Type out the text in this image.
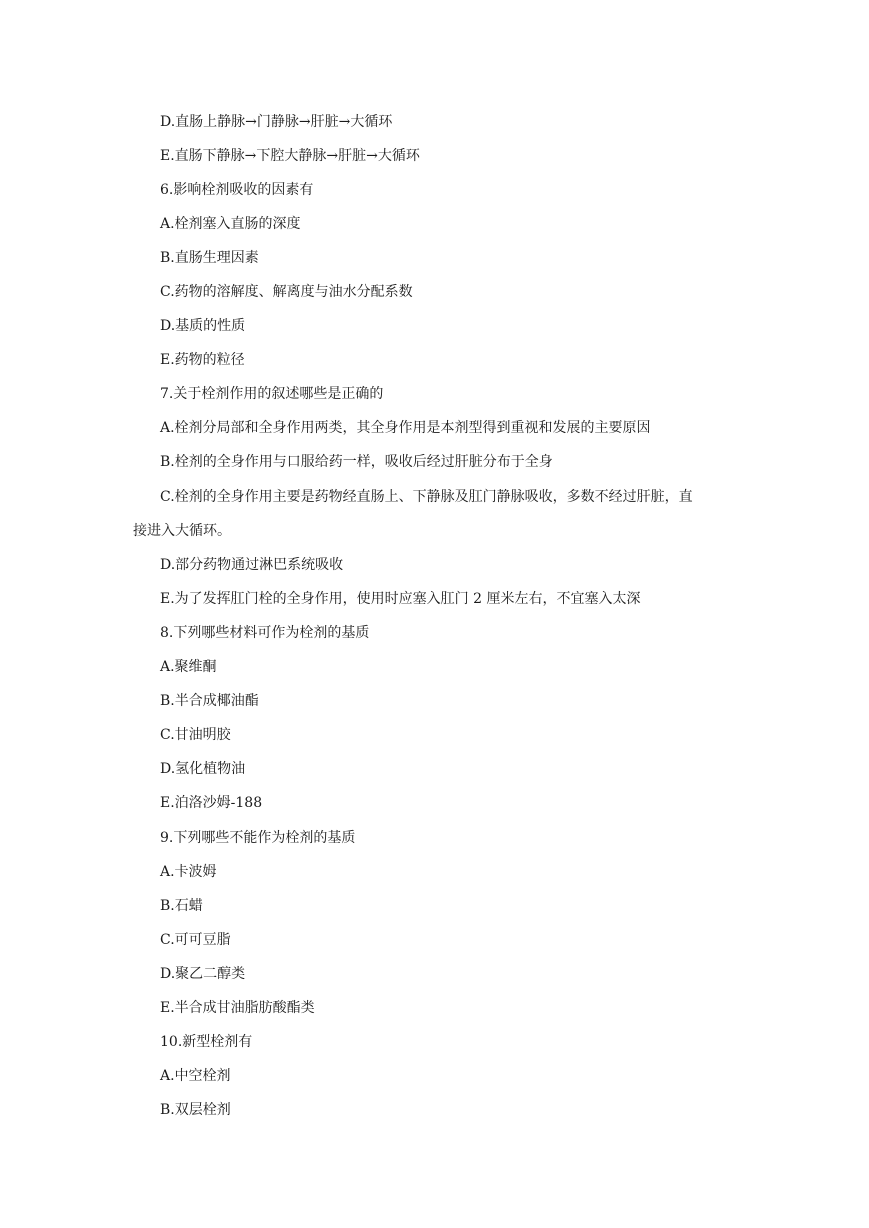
D.直肠上静脉→门静脉→肝脏→大循环
E.直肠下静脉→下腔大静脉→肝脏→大循环
6.影响栓剂吸收的因素有
A.栓剂塞入直肠的深度
B.直肠生理因素
C.药物的溶解度、解离度与油水分配系数
D.基质的性质
E.药物的粒径
7.关于栓剂作用的叙述哪些是正确的
A.栓剂分局部和全身作用两类，其全身作用是本剂型得到重视和发展的主要原因
B.栓剂的全身作用与口服给药一样，吸收后经过肝脏分布于全身
C.栓剂的全身作用主要是药物经直肠上、下静脉及肛门静脉吸收，多数不经过肝脏，直
接进入大循环。
D.部分药物通过淋巴系统吸收
E.为了发挥肛门栓的全身作用，使用时应塞入肛门 2 厘米左右，不宜塞入太深
8.下列哪些材料可作为栓剂的基质
A.聚维酮
B.半合成椰油酯
C.甘油明胶
D.氢化植物油
E.泊洛沙姆-188
9.下列哪些不能作为栓剂的基质
A.卡波姆
B.石蜡
C.可可豆脂
D.聚乙二醇类
E.半合成甘油脂肪酸酯类
10.新型栓剂有
A.中空栓剂
B.双层栓剂
